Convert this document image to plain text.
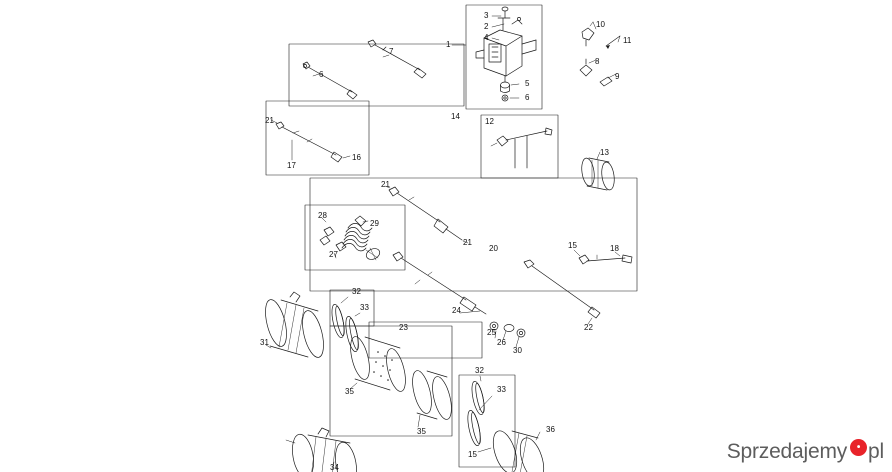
3
2
4
1
7
10
11
8
9
5
6
6
14
12
21
16
17
13
21
28
29
27
21
20	15	18
22
24
23
25
26
30
32
33
31
35
35
32
33
36
15
34
Sprzedajemy • pl
